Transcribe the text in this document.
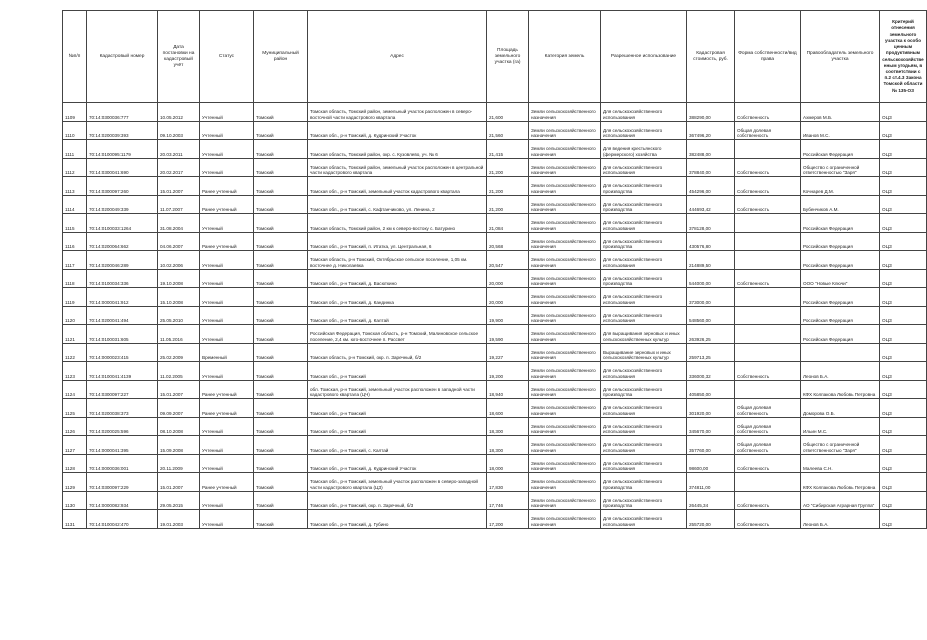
№п/п	Кадастровый номер	Дата постановки на кадастровый учёт	Статус	Муниципальный район	Адрес	Площадь земельного участка (га)	Категория земель	Разрешенное использование	Кадастровая стоимость, руб.	Форма собственности/вид права	Правообладатель земельного участка	Критерий отнесения земельного участка к особо ценным продуктивным сельскохозяйственным угодьям, в соответствии с п.2 ст.4.3 Закона Томской области № 135-ОЗ
1109	70:14:0300036:777	10.05.2012	Учтенный	Томский	Томская область, Томский район, земельный участок расположен в северо-восточной части кадастрового квартала	21,600	Земли сельскохозяйственного назначения	Для сельскохозяйственного использования	388290,00	Собственность	Ахмеров М.Б.	ОЦЗ
1110	70:14:0200039:393	09.10.2003	Учтенный	Томский	Томская обл., р-н Томский, д. Кудринский Участок	21,560	Земли сельскохозяйственного назначения	Для сельскохозяйственного использования	367496,20	Общая долевая собственность	Иванов М.С.	ОЦЗ
1111	70:14:0100095:1179	20.03.2011	Учтенный	Томский	Томская область, Томский район, окр. с. Кузовлево, уч. № 6	21,415	Земли сельскохозяйственного назначения	Для ведения крестьянского (фермерского) хозяйства	382488,00		Российская Федерация	ОЦЗ
1112	70:14:0300041:690	20.02.2017	Учтенный	Томский	Томская область, Томский район, земельный участок расположен в центральной части кадастрового квартала	21,200	Земли сельскохозяйственного назначения	Для сельскохозяйственного использования	378840,00	Собственность	Общество с ограниченной ответственностью "Заря"	ОЦЗ
1113	70:14:0300097:260	15.01.2007	Ранее учтенный	Томский	Томская обл., р-н Томский, земельный участок кадастрового квартала	21,200	Земли сельскохозяйственного назначения	Для сельскохозяйственного производства	454296,00	Собственность	Кочнарев Д.М.	ОЦЗ
1114	70:14:0200049:339	11.07.2007	Ранее учтенный	Томский	Томская обл., р-н Томский, с. Кафтанчиково, ул. Ленина, 2	21,200	Земли сельскохозяйственного назначения	Для сельскохозяйственного производства	444693,42	Собственность	Бубенчиков А.М.	ОЦЗ
1115	70:14:0100033:1264	31.08.2004	Учтенный	Томский	Томская область, Томский район, 2 км к северо-востоку с. Батурино	21,084	Земли сельскохозяйственного назначения	Для сельскохозяйственного использования	378128,00		Российская Федерация	ОЦЗ
1116	70:14:0200064:662	04.06.2007	Ранее учтенный	Томский	Томская обл., р-н Томский, п. Итатка, ул. Центральная, 6	20,568	Земли сельскохозяйственного назначения	Для сельскохозяйственного производства	430576,80		Российская Федерация	ОЦЗ
1117	70:14:0200046:289	10.02.2006	Учтенный	Томский	Томская область, р-н Томский, Октябрьское сельское поселение, 1,05 км. восточнее д. Николаевка	20,547	Земли сельскохозяйственного назначения	Для сельскохозяйственного использования	214889,50		Российская Федерация	ОЦЗ
1118	70:14:0100034:336	19.10.2008	Учтенный	Томский	Томская обл., р-н Томский, д. Васюткино	20,000	Земли сельскохозяйственного назначения	Для сельскохозяйственного производства	544000,00	Собственность	ООО "Новые Ключи"	ОЦЗ
1119	70:14:0000041:912	15.10.2008	Учтенный	Томский	Томская обл., р-н Томский, д. Кандинка	20,000	Земли сельскохозяйственного назначения	Для сельскохозяйственного использования	373000,00		Российская Федерация	ОЦЗ
1120	70:14:0200041:494	25.05.2010	Учтенный	Томский	Томская обл., р-н Томский, д. Калтай	19,900	Земли сельскохозяйственного назначения	Для сельскохозяйственного использования	548560,00		Российская Федерация	ОЦЗ
1121	70:14:0100031:605	11.05.2016	Учтенный	Томский	Российская Федерация, Томская область, р-н Томский, Малиновское сельское поселение, 2,4 км. юго-восточнее п. Рассвет	19,590	Земли сельскохозяйственного назначения	Для выращивания зерновых и иных сельскохозяйственных культур	263926,25		Российская Федерация	ОЦЗ
1122	70:14:0000023:415	25.02.2009	Временный	Томский	Томская область, р-н Томский, окр. п. Заречный, б/2	19,227	Земли сельскохозяйственного назначения	Выращивание зерновых и иных сельскохозяйственных культур	259713,25			ОЦЗ
1123	70:14:0100041:4139	11.02.2005	Учтенный	Томский	Томская обл., р-н Томский	19,200	Земли сельскохозяйственного назначения	Для сельскохозяйственного использования	336000,32	Собственность	Леонов Б.А.	ОЦЗ
1124	70:14:0300097:227	15.01.2007	Ранее учтенный	Томский	обл. Томская, р-н Томский, земельный участок расположен в западной части кадастрового квартала (ЦЧ)	18,940	Земли сельскохозяйственного назначения	Для сельскохозяйственного производства	405850,00		КФХ Колпакова Любовь Петровна	ОЦЗ
1125	70:14:0200038:373	09.09.2007	Ранее учтенный	Томский	Томская обл., р-н Томский	18,600	Земли сельскохозяйственного назначения	Для сельскохозяйственного использования	301920,00	Общая долевая собственность	Доморова О.Б.	ОЦЗ
1126	70:14:0200025:596	08.10.2008	Учтенный	Томский	Томская обл., р-н Томский	18,300	Земли сельскохозяйственного назначения	Для сельскохозяйственного использования	345670,00	Общая долевая собственность	Ильин М.С.	ОЦЗ
1127	70:14:0000041:395	15.09.2008	Учтенный	Томский	Томская обл., р-н Томский, с. Калтай	18,300	Земли сельскохозяйственного назначения	Для сельскохозяйственного использования	357760,00	Общая долевая собственность	Общество с ограниченной ответственностью "Заря"	ОЦЗ
1128	70:14:0000036:001	20.11.2009	Учтенный	Томский	Томская обл., р-н Томский, д. Кудринский Участок	18,000	Земли сельскохозяйственного назначения	Для сельскохозяйственного использования	98600,00	Собственность	Малеева С.Н.	ОЦЗ
1129	70:14:0300097:229	15.01.2007	Ранее учтенный	Томский	Томская обл., р-н Томский, земельный участок расположен в северо-западной части кадастрового квартала (ЦЗ)	17,830	Земли сельскохозяйственного назначения	Для сельскохозяйственного производства	374811,00		КФХ Колпакова Любовь Петровна	ОЦЗ
1130	70:14:0000082:934	29.05.2015	Учтенный	Томский	Томская обл., р-н Томский, окр. п. Заречный, б/3	17,746	Земли сельскохозяйственного назначения	Для сельскохозяйственного производства	26445,34	Собственность	АО "Сибирская Аграрная Группа"	ОЦЗ
1131	70:14:0100042:470	19.01.2003	Учтенный	Томский	Томская обл., р-н Томский, д. Губино	17,200	Земли сельскохозяйственного назначения	Для сельскохозяйственного использования	255720,00	Собственность	Леонов Б.А.	ОЦЗ
